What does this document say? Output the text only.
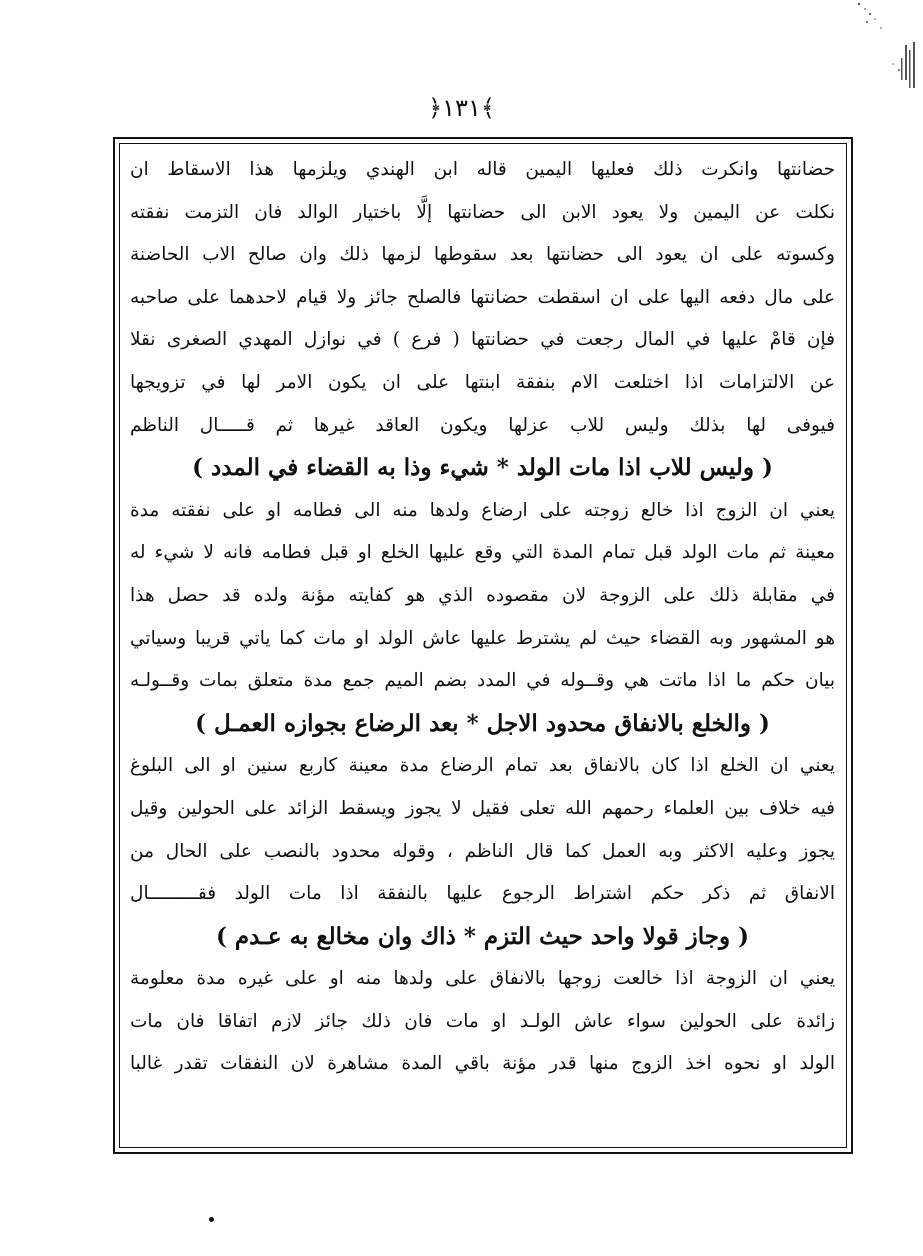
﴾١٣١﴿
حضانتها وانكرت ذلك فعليها اليمين قاله ابن الهندي ويلزمها هذا الاسقاط ان
نكلت عن اليمين ولا يعود الابن الى حضانتها إلَّا باختيار الوالد فان التزمت نفقته
وكسوته على ان يعود الى حضانتها بعد سقوطها لزمها ذلك وان صالح الاب الحاضنة
على مال دفعه اليها على ان اسقطت حضانتها فالصلح جائز ولا قيام لاحدهما على صاحبه
فإن قامْ عليها في المال رجعت في حضانتها ( فرع ) في نوازل المهدي الصغرى نقلا
عن الالتزامات اذا اختلعت الام بنفقة ابنتها على ان يكون الامر لها في تزويجها
فيوفى لها بذلك وليس للاب عزلها ويكون العاقد غيرها ثم قـــــال الناظم
( وليس للاب اذا مات الولد * شيء وذا به القضاء في المدد )
يعني ان الزوج اذا خالع زوجته على ارضاع ولدها منه الى فطامه او على نفقته مدة
معينة ثم مات الولد قبل تمام المدة التي وقع عليها الخلع او قبل فطامه فانه لا شيء له
في مقابلة ذلك على الزوجة لان مقصوده الذي هو كفايته مؤنة ولده قد حصل هذا
هو المشهور وبه القضاء حيث لم يشترط عليها عاش الولد او مات كما ياتي قريبا وسياتي
بيان حكم ما اذا ماتت هي وقــوله في المدد بضم الميم جمع مدة متعلق بمات وقــولـه
( والخلع بالانفاق محدود الاجل * بعد الرضاع بجوازه العمـل )
يعني ان الخلع اذا كان بالانفاق بعد تمام الرضاع مدة معينة كاربع سنين او الى البلوغ
فيه خلاف بين العلماء رحمهم الله تعلى فقيل لا يجوز ويسقط الزائد على الحولين وقيل
يجوز وعليه الاكثر وبه العمل كما قال الناظم ، وقوله محدود بالنصب على الحال من
الانفاق ثم ذكر حكم اشتراط الرجوع عليها بالنفقة اذا مات الولد فقـــــــــال
( وجاز قولا واحد حيث التزم * ذاك وان مخالع به عـدم )
يعني ان الزوجة اذا خالعت زوجها بالانفاق على ولدها منه او على غيره مدة معلومة
زائدة على الحولين سواء عاش الولـد او مات فان ذلك جائز لازم اتفاقا فان مات
الولد او نحوه اخذ الزوج منها قدر مؤنة باقي المدة مشاهرة لان النفقات تقدر غالبا
